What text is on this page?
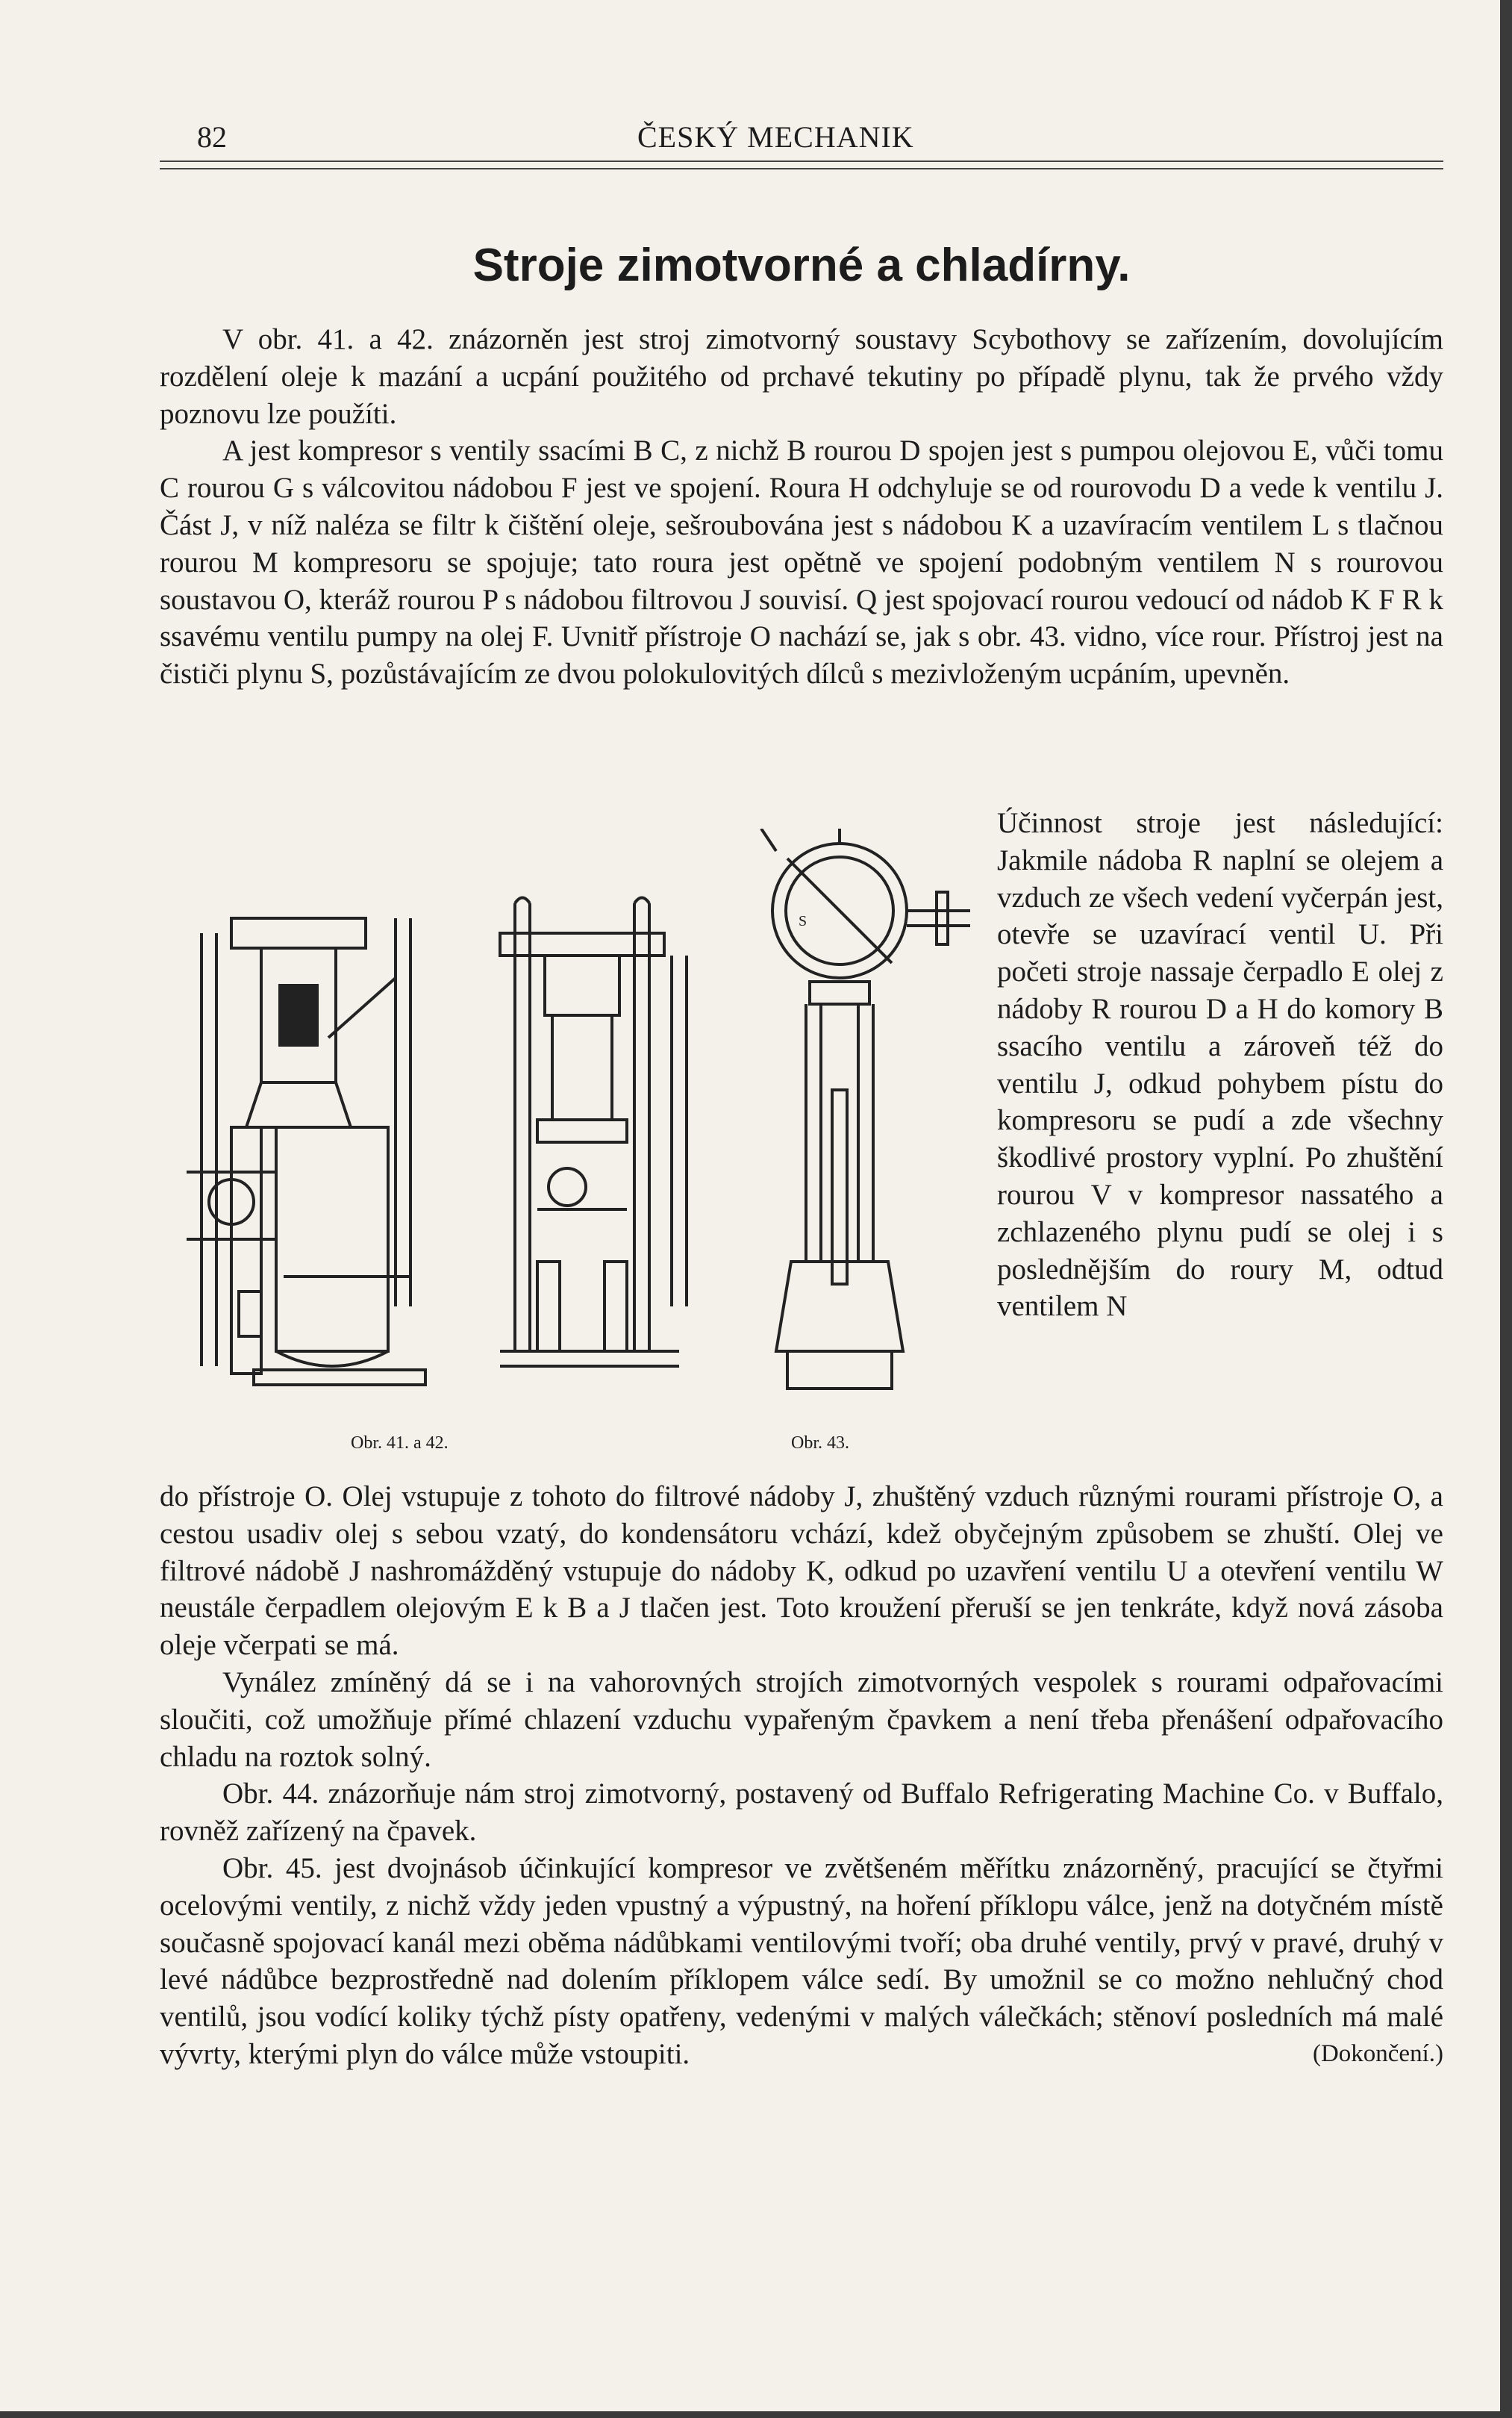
82	ČESKÝ MECHANIK
Stroje zimotvorné a chladírny.

V obr. 41. a 42. znázorněn jest stroj zimotvorný soustavy Scybothovy se zařízením, dovolujícím rozdělení oleje k mazání a ucpání použitého od prchavé tekutiny po případě plynu, tak že prvého vždy poznovu lze použíti.

A jest kompresor s ventily ssacími B C, z nichž B rourou D spojen jest s pumpou olejovou E, vůči tomu C rourou G s válcovitou nádobou F jest ve spojení. Roura H odchyluje se od rourovodu D a vede k ventilu J. Část J, v níž naléza se filtr k čištění oleje, sešroubována jest s nádobou K a uzavíracím ventilem L s tlačnou rourou M kompresoru se spojuje; tato roura jest opětně ve spojení podobným ventilem N s rourovou soustavou O, kteráž rourou P s nádobou filtrovou J souvisí. Q jest spojovací rourou vedoucí od nádob K F R k ssavému ventilu pumpy na olej F. Uvnitř přístroje O nachází se, jak s obr. 43. vidno, více rour. Přístroj jest na čističi plynu S, pozůstávajícím ze dvou polokulovitých dílců s mezivloženým ucpáním, upevněn.

Obr. 41. a 42.
S
Obr. 43.

Účinnost stroje jest následující: Jakmile nádoba R naplní se olejem a vzduch ze všech vedení vyčerpán jest, otevře se uzavírací ventil U. Při početi stroje nassaje čerpadlo E olej z nádoby R rourou D a H do komory B ssacího ventilu a zároveň též do ventilu J, odkud pohybem pístu do kompresoru se pudí a zde všechny škodlivé prostory vyplní. Po zhuštění rourou V v kompresor nassatého a zchlazeného plynu pudí se olej i s poslednějším do roury M, odtud ventilem N

do přístroje O. Olej vstupuje z tohoto do filtrové nádoby J, zhuštěný vzduch různými rourami přístroje O, a cestou usadiv olej s sebou vzatý, do kondensátoru vchází, kdež obyčejným způsobem se zhuští. Olej ve filtrové nádobě J nashromážděný vstupuje do nádoby K, odkud po uzavření ventilu U a otevření ventilu W neustále čerpadlem olejovým E k B a J tlačen jest. Toto kroužení přeruší se jen tenkráte, když nová zásoba oleje včerpati se má.

Vynález zmíněný dá se i na vahorovných strojích zimotvorných vespolek s rourami odpařovacími sloučiti, což umožňuje přímé chlazení vzduchu vypařeným čpavkem a není třeba přenášení odpařovacího chladu na roztok solný.

Obr. 44. znázorňuje nám stroj zimotvorný, postavený od Buffalo Refrigerating Machine Co. v Buffalo, rovněž zařízený na čpavek.

Obr. 45. jest dvojnásob účinkující kompresor ve zvětšeném měřítku znázorněný, pracující se čtyřmi ocelovými ventily, z nichž vždy jeden vpustný a výpustný, na hoření příklopu válce, jenž na dotyčném místě současně spojovací kanál mezi oběma nádůbkami ventilovými tvoří; oba druhé ventily, prvý v pravé, druhý v levé nádůbce bezprostředně nad dolením příklopem válce sedí. By umožnil se co možno nehlučný chod ventilů, jsou vodící koliky týchž písty opatřeny, vedenými v malých válečkách; stěnoví posledních má malé vývrty, kterými plyn do válce může vstoupiti.	(Dokončení.)
